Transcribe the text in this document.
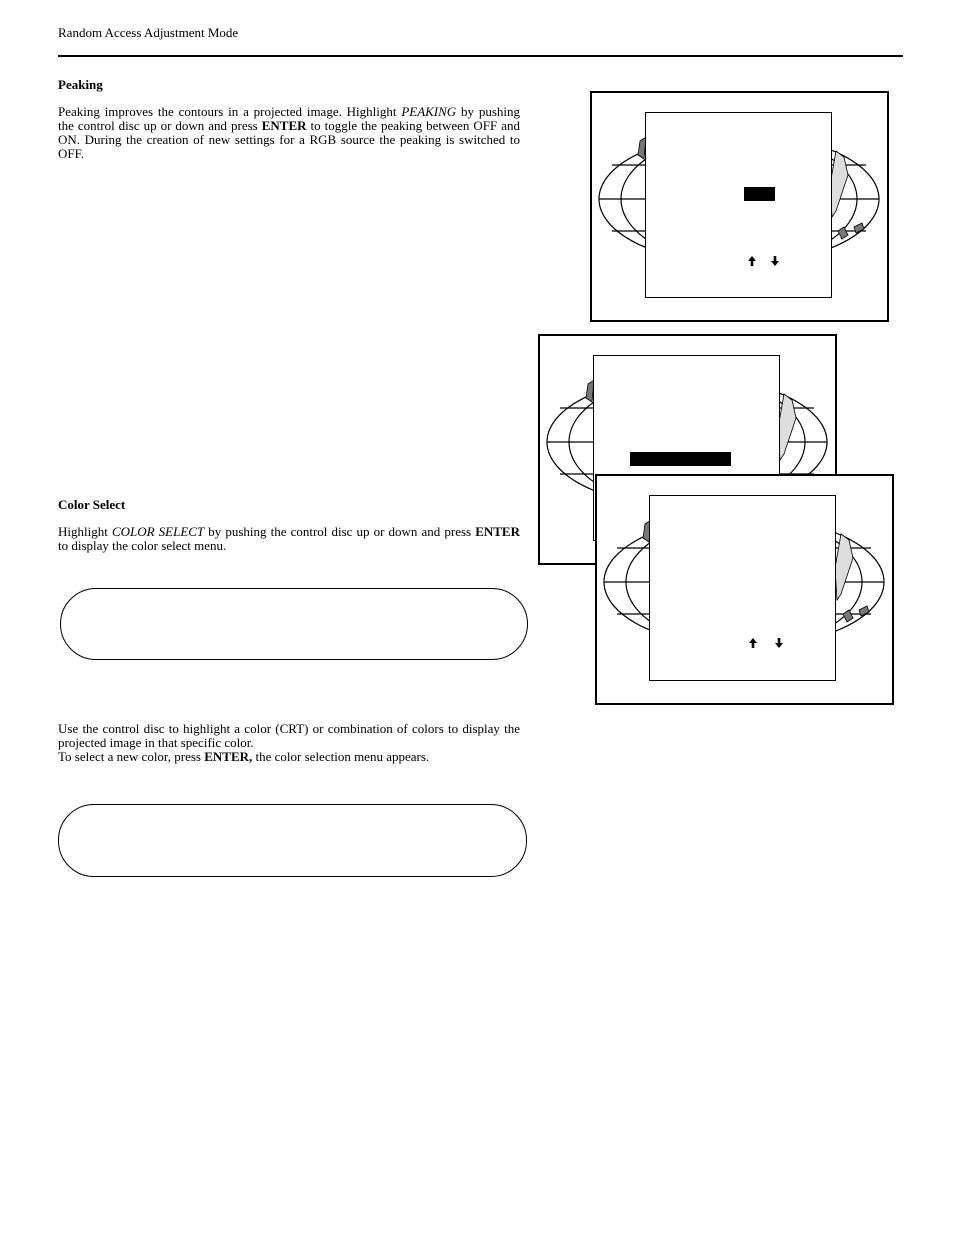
Random Access Adjustment Mode
Peaking
Peaking improves the contours in a projected image. Highlight PEAKING by pushing the control disc up or down and press ENTER to toggle the peaking between OFF and ON. During the creation of new settings for a RGB source the peaking is switched to OFF.
Color Select
Highlight COLOR SELECT by pushing the control disc up or down and press ENTER to display the color select menu.
Use the control disc to highlight a color (CRT) or combination of colors to display the projected image in that specific color.
To select a new color, press ENTER, the color selection menu appears.
